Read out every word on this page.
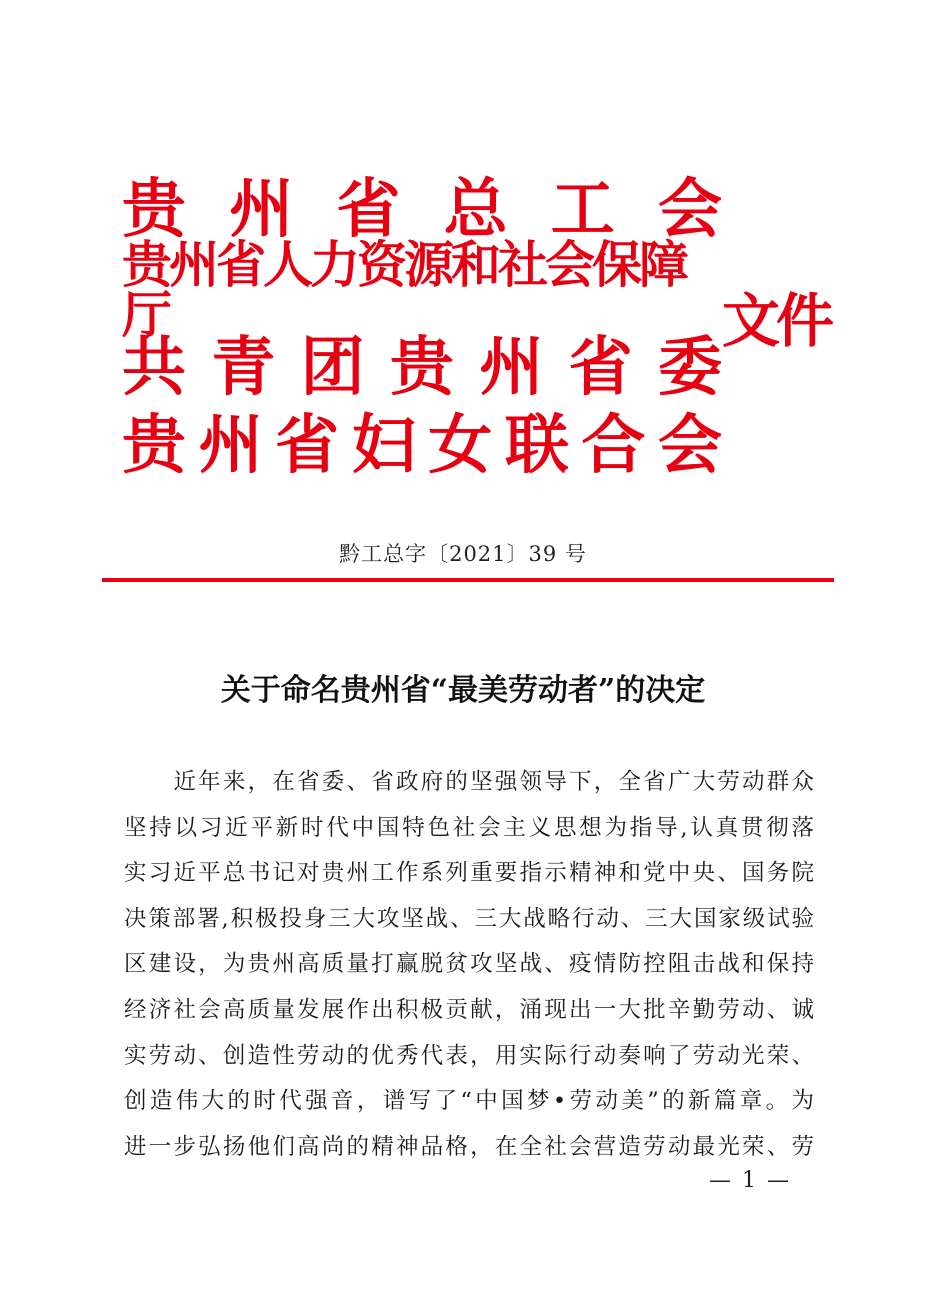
贵 州 省 总 工 会
贵州省人力资源和社会保障厅
共 青 团 贵 州 省 委
贵 州 省 妇 女 联 合 会
文件
黔工总字〔2021〕39 号
关于命名贵州省“最美劳动者”的决定
　　近年来，在省委、省政府的坚强领导下，全省广大劳动群众
坚持以习近平新时代中国特色社会主义思想为指导,认真贯彻落
实习近平总书记对贵州工作系列重要指示精神和党中央、国务院
决策部署,积极投身三大攻坚战、三大战略行动、三大国家级试验
区建设，为贵州高质量打赢脱贫攻坚战、疫情防控阻击战和保持
经济社会高质量发展作出积极贡献，涌现出一大批辛勤劳动、诚
实劳动、创造性劳动的优秀代表，用实际行动奏响了劳动光荣、
创造伟大的时代强音，谱写了“中国梦•劳动美”的新篇章。为
进一步弘扬他们高尚的精神品格，在全社会营造劳动最光荣、劳
— 1 —
